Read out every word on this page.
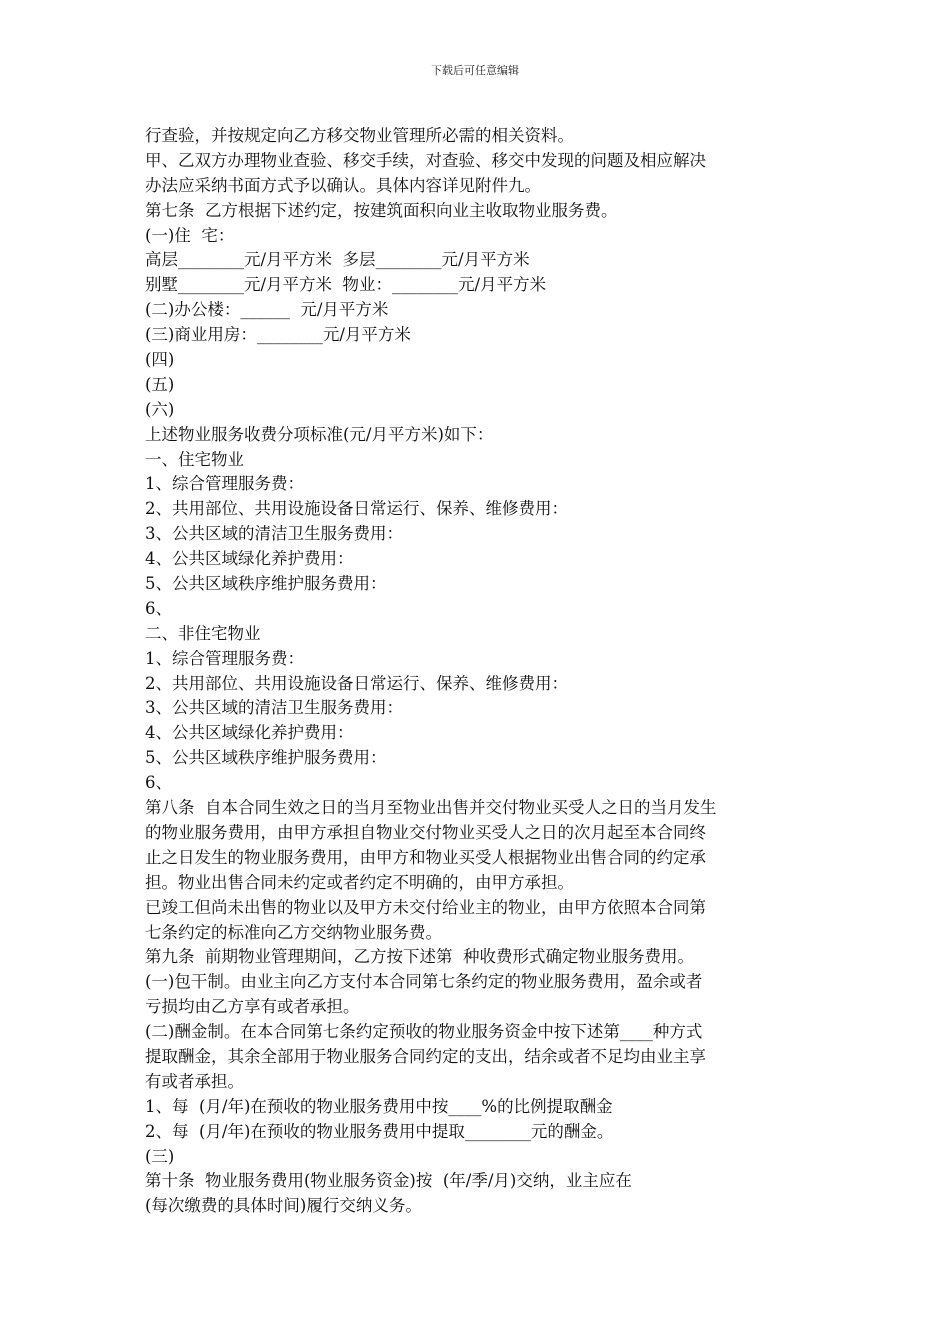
下载后可任意编辑
行查验，并按规定向乙方移交物业管理所必需的相关资料。
甲、乙双方办理物业查验、移交手续，对查验、移交中发现的问题及相应解决
办法应采纳书面方式予以确认。具体内容详见附件九。
第七条  乙方根据下述约定，按建筑面积向业主收取物业服务费。
(一)住  宅：
高层________元/月平方米  多层________元/月平方米
别墅________元/月平方米  物业：________元/月平方米
(二)办公楼：______  元/月平方米
(三)商业用房：________元/月平方米
(四)
(五)
(六)
上述物业服务收费分项标准(元/月平方米)如下：
一、住宅物业
1、综合管理服务费：
2、共用部位、共用设施设备日常运行、保养、维修费用：
3、公共区域的清洁卫生服务费用：
4、公共区域绿化养护费用：
5、公共区域秩序维护服务费用：
6、
二、非住宅物业
1、综合管理服务费：
2、共用部位、共用设施设备日常运行、保养、维修费用：
3、公共区域的清洁卫生服务费用：
4、公共区域绿化养护费用：
5、公共区域秩序维护服务费用：
6、
第八条  自本合同生效之日的当月至物业出售并交付物业买受人之日的当月发生
的物业服务费用，由甲方承担自物业交付物业买受人之日的次月起至本合同终
止之日发生的物业服务费用，由甲方和物业买受人根据物业出售合同的约定承
担。物业出售合同未约定或者约定不明确的，由甲方承担。
已竣工但尚未出售的物业以及甲方未交付给业主的物业，由甲方依照本合同第
七条约定的标准向乙方交纳物业服务费。
第九条  前期物业管理期间，乙方按下述第  种收费形式确定物业服务费用。
(一)包干制。由业主向乙方支付本合同第七条约定的物业服务费用，盈余或者
亏损均由乙方享有或者承担。
(二)酬金制。在本合同第七条约定预收的物业服务资金中按下述第____种方式
提取酬金，其余全部用于物业服务合同约定的支出，结余或者不足均由业主享
有或者承担。
1、每  (月/年)在预收的物业服务费用中按____%的比例提取酬金
2、每  (月/年)在预收的物业服务费用中提取________元的酬金。
(三)
第十条  物业服务费用(物业服务资金)按  (年/季/月)交纳，业主应在
(每次缴费的具体时间)履行交纳义务。
